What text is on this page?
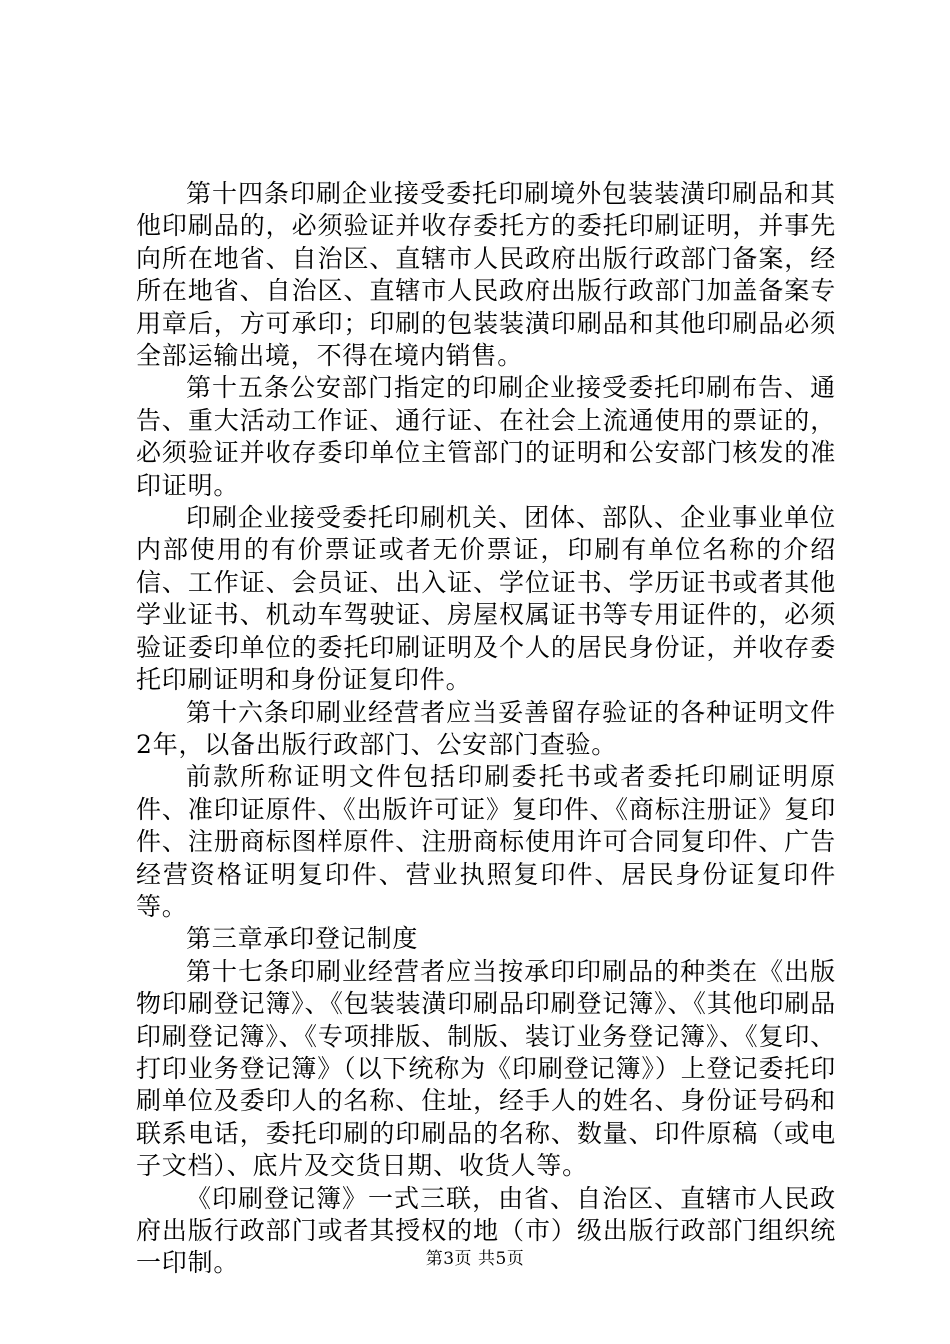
第十四条印刷企业接受委托印刷境外包装装潢印刷品和其他印刷品的，必须验证并收存委托方的委托印刷证明，并事先向所在地省、自治区、直辖市人民政府出版行政部门备案，经所在地省、自治区、直辖市人民政府出版行政部门加盖备案专用章后，方可承印；印刷的包装装潢印刷品和其他印刷品必须全部运输出境，不得在境内销售。

第十五条公安部门指定的印刷企业接受委托印刷布告、通告、重大活动工作证、通行证、在社会上流通使用的票证的，必须验证并收存委印单位主管部门的证明和公安部门核发的准印证明。

印刷企业接受委托印刷机关、团体、部队、企业事业单位内部使用的有价票证或者无价票证，印刷有单位名称的介绍信、工作证、会员证、出入证、学位证书、学历证书或者其他学业证书、机动车驾驶证、房屋权属证书等专用证件的，必须验证委印单位的委托印刷证明及个人的居民身份证，并收存委托印刷证明和身份证复印件。

第十六条印刷业经营者应当妥善留存验证的各种证明文件2年，以备出版行政部门、公安部门查验。

前款所称证明文件包括印刷委托书或者委托印刷证明原件、准印证原件、《出版许可证》复印件、《商标注册证》复印件、注册商标图样原件、注册商标使用许可合同复印件、广告经营资格证明复印件、营业执照复印件、居民身份证复印件等。

第三章承印登记制度

第十七条印刷业经营者应当按承印印刷品的种类在《出版物印刷登记簿》、《包装装潢印刷品印刷登记簿》、《其他印刷品印刷登记簿》、《专项排版、制版、装订业务登记簿》、《复印、打印业务登记簿》（以下统称为《印刷登记簿》）上登记委托印刷单位及委印人的名称、住址，经手人的姓名、身份证号码和联系电话，委托印刷的印刷品的名称、数量、印件原稿（或电子文档）、底片及交货日期、收货人等。

《印刷登记簿》一式三联，由省、自治区、直辖市人民政府出版行政部门或者其授权的地（市）级出版行政部门组织统一印制。	第3页 共5页
